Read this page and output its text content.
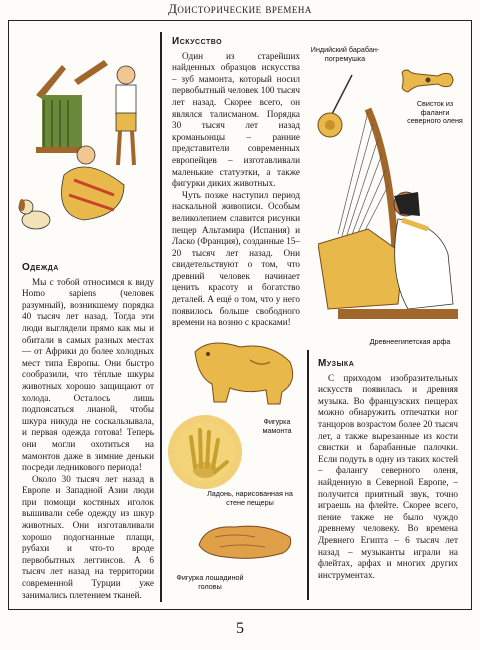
Доисторические времена
Одежда

Мы с тобой относимся к виду Homo sapiens (человек разумный), возникшему порядка 40 тысяч лет назад. Тогда эти люди выглядели прямо как мы и обитали в самых разных местах — от Африки до более холодных мест типа Европы. Они быстро сообразили, что тёплые шкуры животных хорошо защищают от холода. Осталось лишь подпоясаться лианой, чтобы шкура никуда не соскальзывала, и первая одежда готова! Теперь они могли охотиться на мамонтов даже в зимние деньки посреди ледникового периода!

Около 30 тысяч лет назад в Европе и Западной Азии люди при помощи костяных иголок вышивали себе одежду из шкур животных. Они изготавливали хорошо подогнанные плащи, рубахи и что-то вроде первобытных леггинсов. А 6 тысяч лет назад на территории современной Турции уже занимались плетением тканей.

Искусство

Один из старейших найденных образцов искусства – зуб мамонта, который носил первобытный человек 100 тысяч лет назад. Скорее всего, он являлся талисманом. Порядка 30 тысяч лет назад кроманьонцы – ранние представители современных европейцев – изготавливали маленькие статуэтки, а также фигурки диких животных.

Чуть позже наступил период наскальной живописи. Особым великолепием славится рисунки пещер Альтамира (Испания) и Ласко (Франция), созданные 15–20 тысяч лет назад. Они свидетельствуют о том, что древний человек начинает ценить красоту и богатство деталей. А ещё о том, что у него появилось больше свободного времени на возню с красками!

Фигурка мамонта
Ладонь, нарисованная на стене пещеры
Фигурка лошадиной головы
Индийский барабан-погремушка
Свисток из фаланги северного оленя
Древнеегипетская арфа
Музыка

С приходом изобразительных искусств появилась и древняя музыка. Во французских пещерах можно обнаружить отпечатки ног танцоров возрастом более 20 тысяч лет, а также вырезанные из кости свистки и барабанные палочки. Если подуть в одну из таких костей – фалангу северного оленя, найденную в Северной Европе, – получится приятный звук, точно играешь на флейте. Скорее всего, пение также не было чуждо древнему человеку. Во времена Древнего Египта – 6 тысяч лет назад – музыканты играли на флейтах, арфах и многих других инструментах.

5
